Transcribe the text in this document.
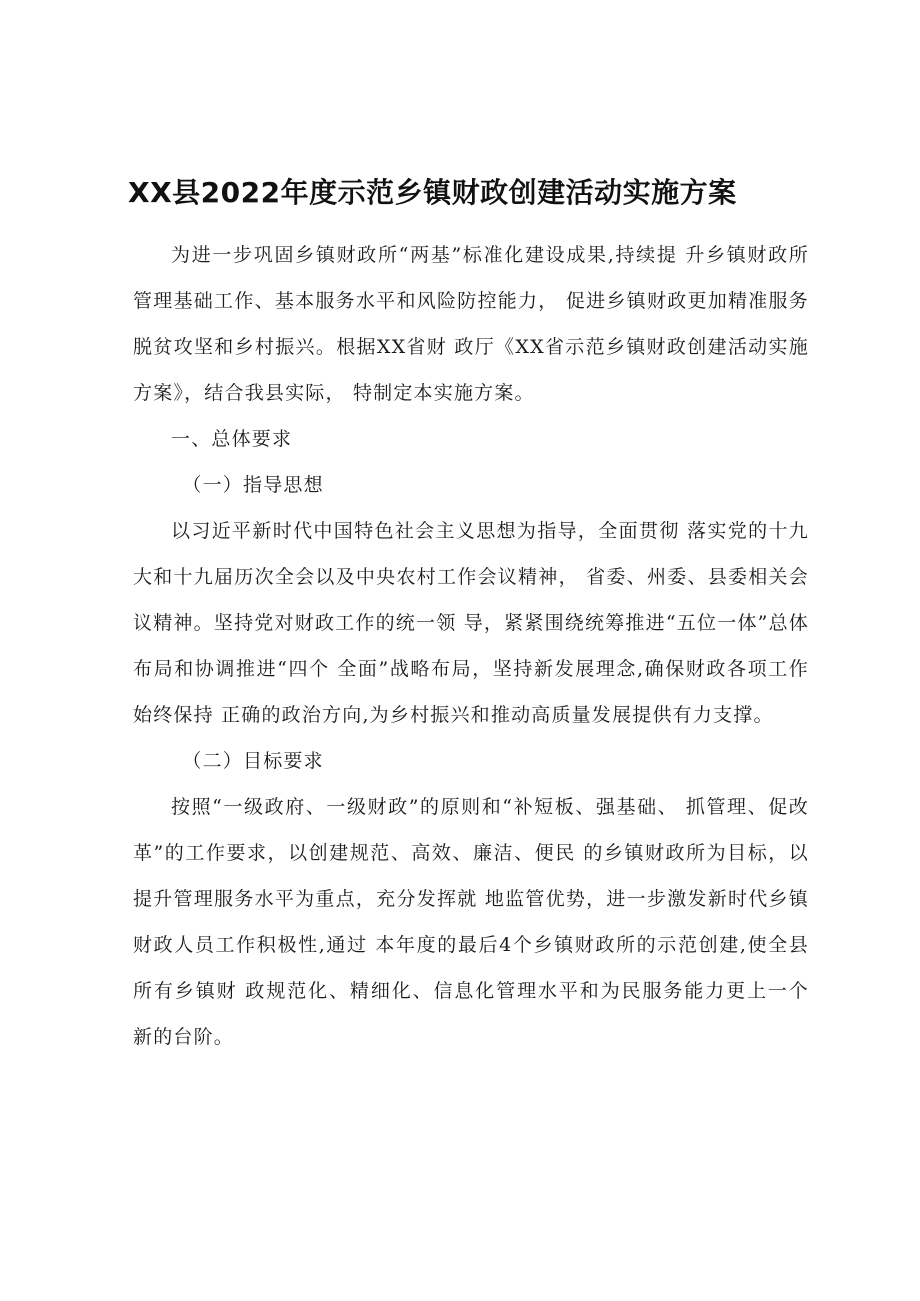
XX县2022年度示范乡镇财政创建活动实施方案

为进一步巩固乡镇财政所“两基”标准化建设成果,持续提 升乡镇财政所管理基础工作、基本服务水平和风险防控能力， 促进乡镇财政更加精准服务脱贫攻坚和乡村振兴。根据XX省财 政厅《XX省示范乡镇财政创建活动实施方案》，结合我县实际， 特制定本实施方案。

一、总体要求

（一）指导思想

以习近平新时代中国特色社会主义思想为指导，全面贯彻 落实党的十九大和十九届历次全会以及中央农村工作会议精神， 省委、州委、县委相关会议精神。坚持党对财政工作的统一领 导，紧紧围绕统筹推进“五位一体”总体布局和协调推进“四个 全面”战略布局，坚持新发展理念,确保财政各项工作始终保持 正确的政治方向,为乡村振兴和推动高质量发展提供有力支撑。

（二）目标要求

按照“一级政府、一级财政”的原则和“补短板、强基础、 抓管理、促改革”的工作要求，以创建规范、高效、廉洁、便民 的乡镇财政所为目标，以提升管理服务水平为重点，充分发挥就 地监管优势，进一步激发新时代乡镇财政人员工作积极性,通过 本年度的最后4个乡镇财政所的示范创建,使全县所有乡镇财 政规范化、精细化、信息化管理水平和为民服务能力更上一个 新的台阶。
